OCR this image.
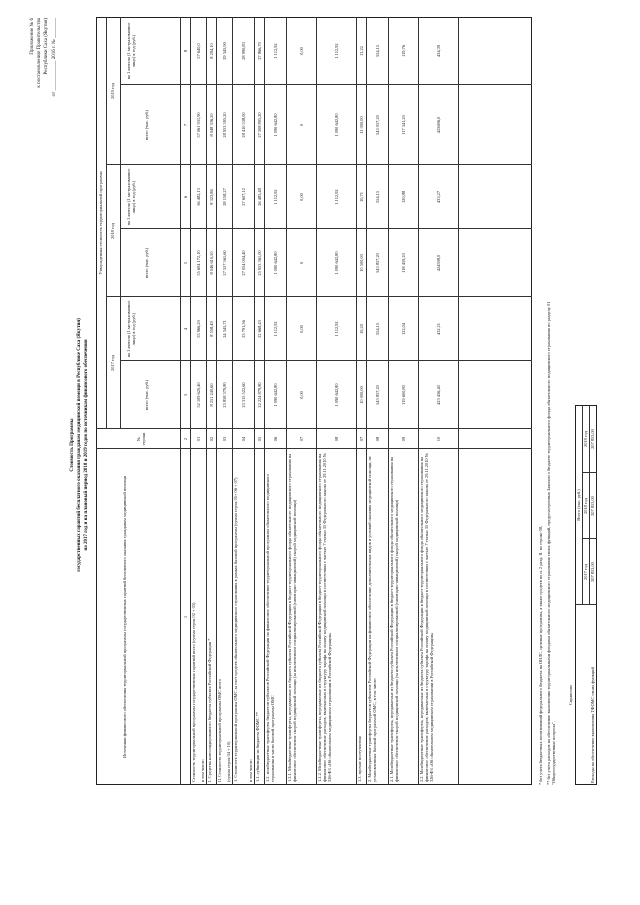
Приложение № 6 к постановлению Правительства Республики Саха (Якутия) от ____________ 2016 г. № ________
Стоимость Программы государственных гарантий бесплатного оказания гражданам медицинской помощи в Республике Саха (Якутия) на 2017 год и на плановый период 2018 и 2019 годов по источникам финансового обеспечения
Источники финансового обеспечения территориальной программы государственных гарантий бесплатного оказания гражданам медицинской помощи
№ строки
Утвержденная стоимость территориальной программы
2017 год
2018 год
2019 год
всего (тыс. руб.)
на 1 жителя (1 застрахованное лицо) в год (руб.)
всего (тыс. руб.)
на 1 жителя (1 застрахованное лицо) в год (руб.)
всего (тыс. руб.)
на 1 жителя (1 застрахованное лицо) в год (руб.)
1
2
3
4
5
6
7
8
Стоимость территориальной программы государственных гарантий всего (сумма строк 02 + 03) в том числе:
01
52 109 620,40
53 966,20
55 604 172,10
56 482,13
57 061 931,90
57 640,0
I. Средства консолидированного бюджета субъекта Российской Федерации *
02
8 251 240,60
8 558,49
8 046 610,50
8 323,86
8 048 336,50
8 294,10
II. Стоимость территориальной программы ОМС всего (сумма строк 04 + 10)
03
23 858 379,80
24 345,71
27 557 561,60
28 158,27
28 953 595,20
29 345,90
1. Стоимость территориальной программы ОМС за счет средств обязательного медицинского страхования в рамках базовой программы (сумма строк 05+ 06 + 07) в том числе:
04
23 315 522,60
23 791,56
27 054 004,40
27 607,12
28 410 538,00
28 990,83
1.1. субвенции из бюджета ФОМС **
05
22 224 879,80
22 668,43
25 953 361,00
26 483,48
27 308 895,20
27 866,70
1.2. межбюджетные трансферты бюджетов субъектов Российской Федерации на финансовое обеспечение территориальной программы обязательного медицинского страхования в части базовой программы ОМС
06
1 090 642,80
1 112,92
1 090 642,80
1 112,92
1 090 642,80
1 112,92
1.2.1. Межбюджетные трансферты, передаваемые из бюджета субъекта Российской Федерации в бюджет территориального фонда обязательного медицинского страхования на финансовое обеспечение скорой медицинской помощи (за исключением специализированной (санитарно-авиационной) скорой медицинской помощи)
07
0,00
0,00
0
0,00
0
0,00
1.2.2. Межбюджетные трансферты, передаваемые из бюджета субъекта Российской Федерации в бюджет территориального фонда обязательного медицинского страхования на финансовое обеспечение расходов, включаемых в структуру тарифа на оплату медицинской помощи в соответствии с частью 7 статьи 35 Федерального закона от 29.11.2010 № 326-ФЗ «Об обязательном медицинском страховании в Российской Федерации»
08
1 090 642,80
1 112,92
1 090 642,80
1 112,92
1 090 642,80
1 112,92
1.3. прочие поступления
07
10 000,00
10,20
10 500,00
10,71
11 000,00
11,22
2. Межбюджетные трансферты бюджетов субъектов Российской Федерации на финансовое обеспечение дополнительных видов и условий оказания медицинской помощи, не установленных базовой программой ОМС, в том числе:
08
543 857,20
554,15
543 857,20
554,15
543 057,20
554,15
2.1. Межбюджетные трансферты, передаваемые из бюджета субъекта Российской Федерации в бюджет территориального фонда обязательного медицинского страхования на финансовое обеспечение скорой медицинской помощи (за исключением специализированной (санитарно-авиационной) скорой медицинской помощи)
09
119 600,80
122,04
118 459,20
120,88
117 341,20
119,76
2.2. Межбюджетные трансферты, передаваемые из бюджета субъекта Российской Федерации в бюджет территориального фонда обязательного медицинского страхования на финансовое обеспечение расходов, включаемых в структуру тарифа на оплату медицинской помощи в соответствии с частью 7 статьи 35 Федерального закона от 29.11.2010 № 326-ФЗ «Об обязательном медицинском страховании в Российской Федерации»
10
423 456,40
432,11
424598,0
433,27
425696,0
434,39
* без учета бюджетных ассигнований федерального бюджета на ОНЛС, целевые программы, а также средств по п. 2 разд. II. по строке 08, ** без учета расходов на обеспечение выполнения территориальными фондами обязательного медицинского страхования своих функций, предусмотренных Законом о бюджете территориального фонда обязательного медицинского страхования по разделу 01 "Общегосударственные вопросы".
Справочно
Всего (тыс. руб.)
2017 год
2018 год
2019 год
Расходы на обеспечение выполнения ТФОМС своих функций
207 853,00
207 853,00
207 853,00
